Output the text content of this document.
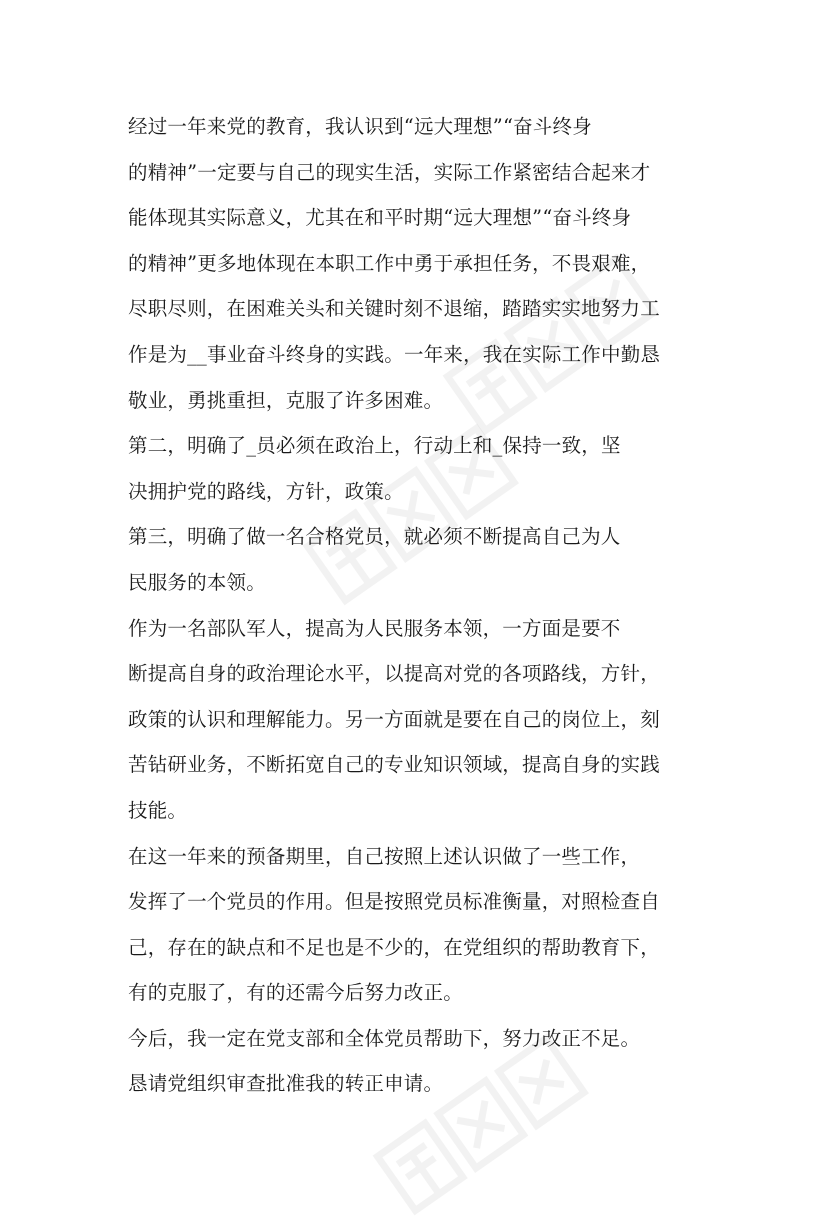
经过一年来党的教育，我认识到“远大理想”“奋斗终身
的精神”一定要与自己的现实生活，实际工作紧密结合起来才
能体现其实际意义，尤其在和平时期“远大理想”“奋斗终身
的精神”更多地体现在本职工作中勇于承担任务，不畏艰难，
尽职尽则，在困难关头和关键时刻不退缩，踏踏实实地努力工
作是为__事业奋斗终身的实践。一年来，我在实际工作中勤恳
敬业，勇挑重担，克服了许多困难。
第二，明确了_员必须在政治上，行动上和_保持一致，坚
决拥护党的路线，方针，政策。
第三，明确了做一名合格党员，就必须不断提高自己为人
民服务的本领。
作为一名部队军人，提高为人民服务本领，一方面是要不
断提高自身的政治理论水平，以提高对党的各项路线，方针，
政策的认识和理解能力。另一方面就是要在自己的岗位上，刻
苦钻研业务，不断拓宽自己的专业知识领域，提高自身的实践
技能。
在这一年来的预备期里，自己按照上述认识做了一些工作，
发挥了一个党员的作用。但是按照党员标准衡量，对照检查自
己，存在的缺点和不足也是不少的，在党组织的帮助教育下，
有的克服了，有的还需今后努力改正。
今后，我一定在党支部和全体党员帮助下，努力改正不足。
恳请党组织审查批准我的转正申请。
